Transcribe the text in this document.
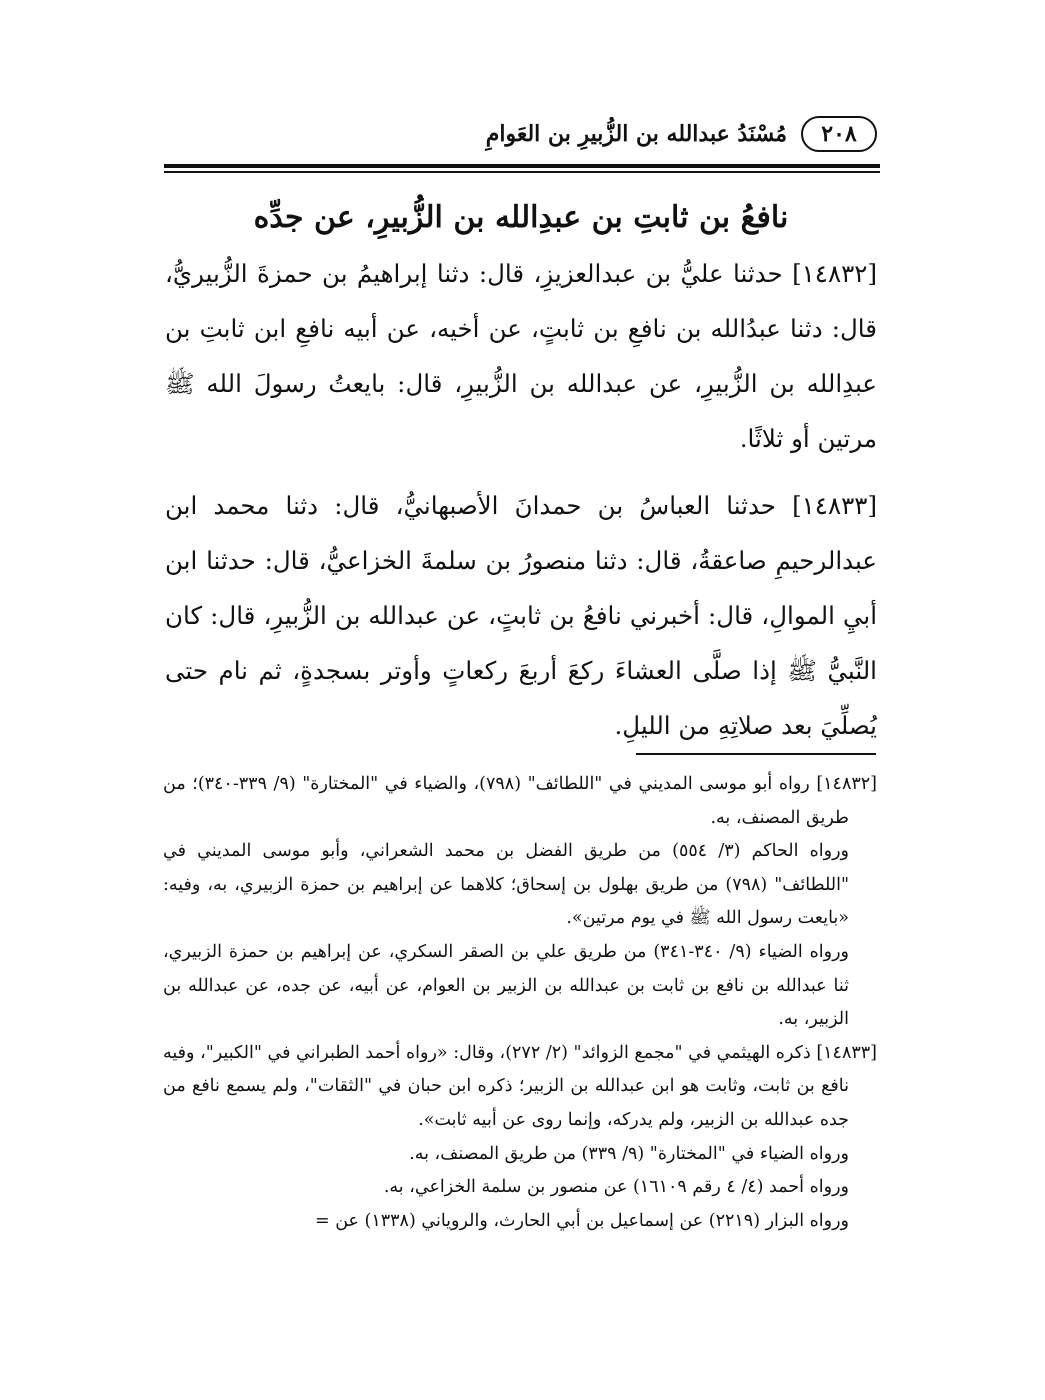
٢٠٨
مُسْنَدُ عبدالله بن الزُّبيرِ بن العَوامِ
نافعُ بن ثابتِ بن عبدِالله بن الزُّبيرِ، عن جدِّه

[١٤٨٣٢] حدثنا عليُّ بن عبدالعزيزِ، قال: دثنا إبراهيمُ بن حمزةَ الزُّبيريُّ، قال: دثنا عبدُالله بن نافعِ بن ثابتٍ، عن أخيه، عن أبيه نافعِ ابن ثابتِ بن عبدِالله بن الزُّبيرِ، عن عبدالله بن الزُّبيرِ، قال: بايعتُ رسولَ الله ﷺ مرتين أو ثلاثًا.

[١٤٨٣٣] حدثنا العباسُ بن حمدانَ الأصبهانيُّ، قال: دثنا محمد ابن عبدالرحيمِ صاعقةُ، قال: دثنا منصورُ بن سلمةَ الخزاعيُّ، قال: حدثنا ابن أبيِ الموالِ، قال: أخبرني نافعُ بن ثابتٍ، عن عبدالله بن الزُّبيرِ، قال: كان النَّبيُّ ﷺ إذا صلَّى العشاءَ ركعَ أربعَ ركعاتٍ وأوتر بسجدةٍ، ثم نام حتى يُصلِّيَ بعد صلاتِهِ من الليلِ.

[١٤٨٣٢] رواه أبو موسى المديني في "اللطائف" (٧٩٨)، والضياء في "المختارة" (٩/ ٣٣٩-٣٤٠)؛ من طريق المصنف، به.

ورواه الحاكم (٣/ ٥٥٤) من طريق الفضل بن محمد الشعراني، وأبو موسى المديني في "اللطائف" (٧٩٨) من طريق بهلول بن إسحاق؛ كلاهما عن إبراهيم بن حمزة الزبيري، به، وفيه: «بايعت رسول الله ﷺ في يوم مرتين».

ورواه الضياء (٩/ ٣٤٠-٣٤١) من طريق علي بن الصقر السكري، عن إبراهيم بن حمزة الزبيري، ثنا عبدالله بن نافع بن ثابت بن عبدالله بن الزبير بن العوام، عن أبيه، عن جده، عن عبدالله بن الزبير، به.

[١٤٨٣٣] ذكره الهيثمي في "مجمع الزوائد" (٢/ ٢٧٢)، وقال: «رواه أحمد الطبراني في "الكبير"، وفيه نافع بن ثابت، وثابت هو ابن عبدالله بن الزبير؛ ذكره ابن حبان في "الثقات"، ولم يسمع نافع من جده عبدالله بن الزبير، ولم يدركه، وإنما روى عن أبيه ثابت».

ورواه الضياء في "المختارة" (٩/ ٣٣٩) من طريق المصنف، به.

ورواه أحمد (٤/ ٤ رقم ١٦١٠٩) عن منصور بن سلمة الخزاعي، به.

ورواه البزار (٢٢١٩) عن إسماعيل بن أبي الحارث، والروياني (١٣٣٨) عن =
